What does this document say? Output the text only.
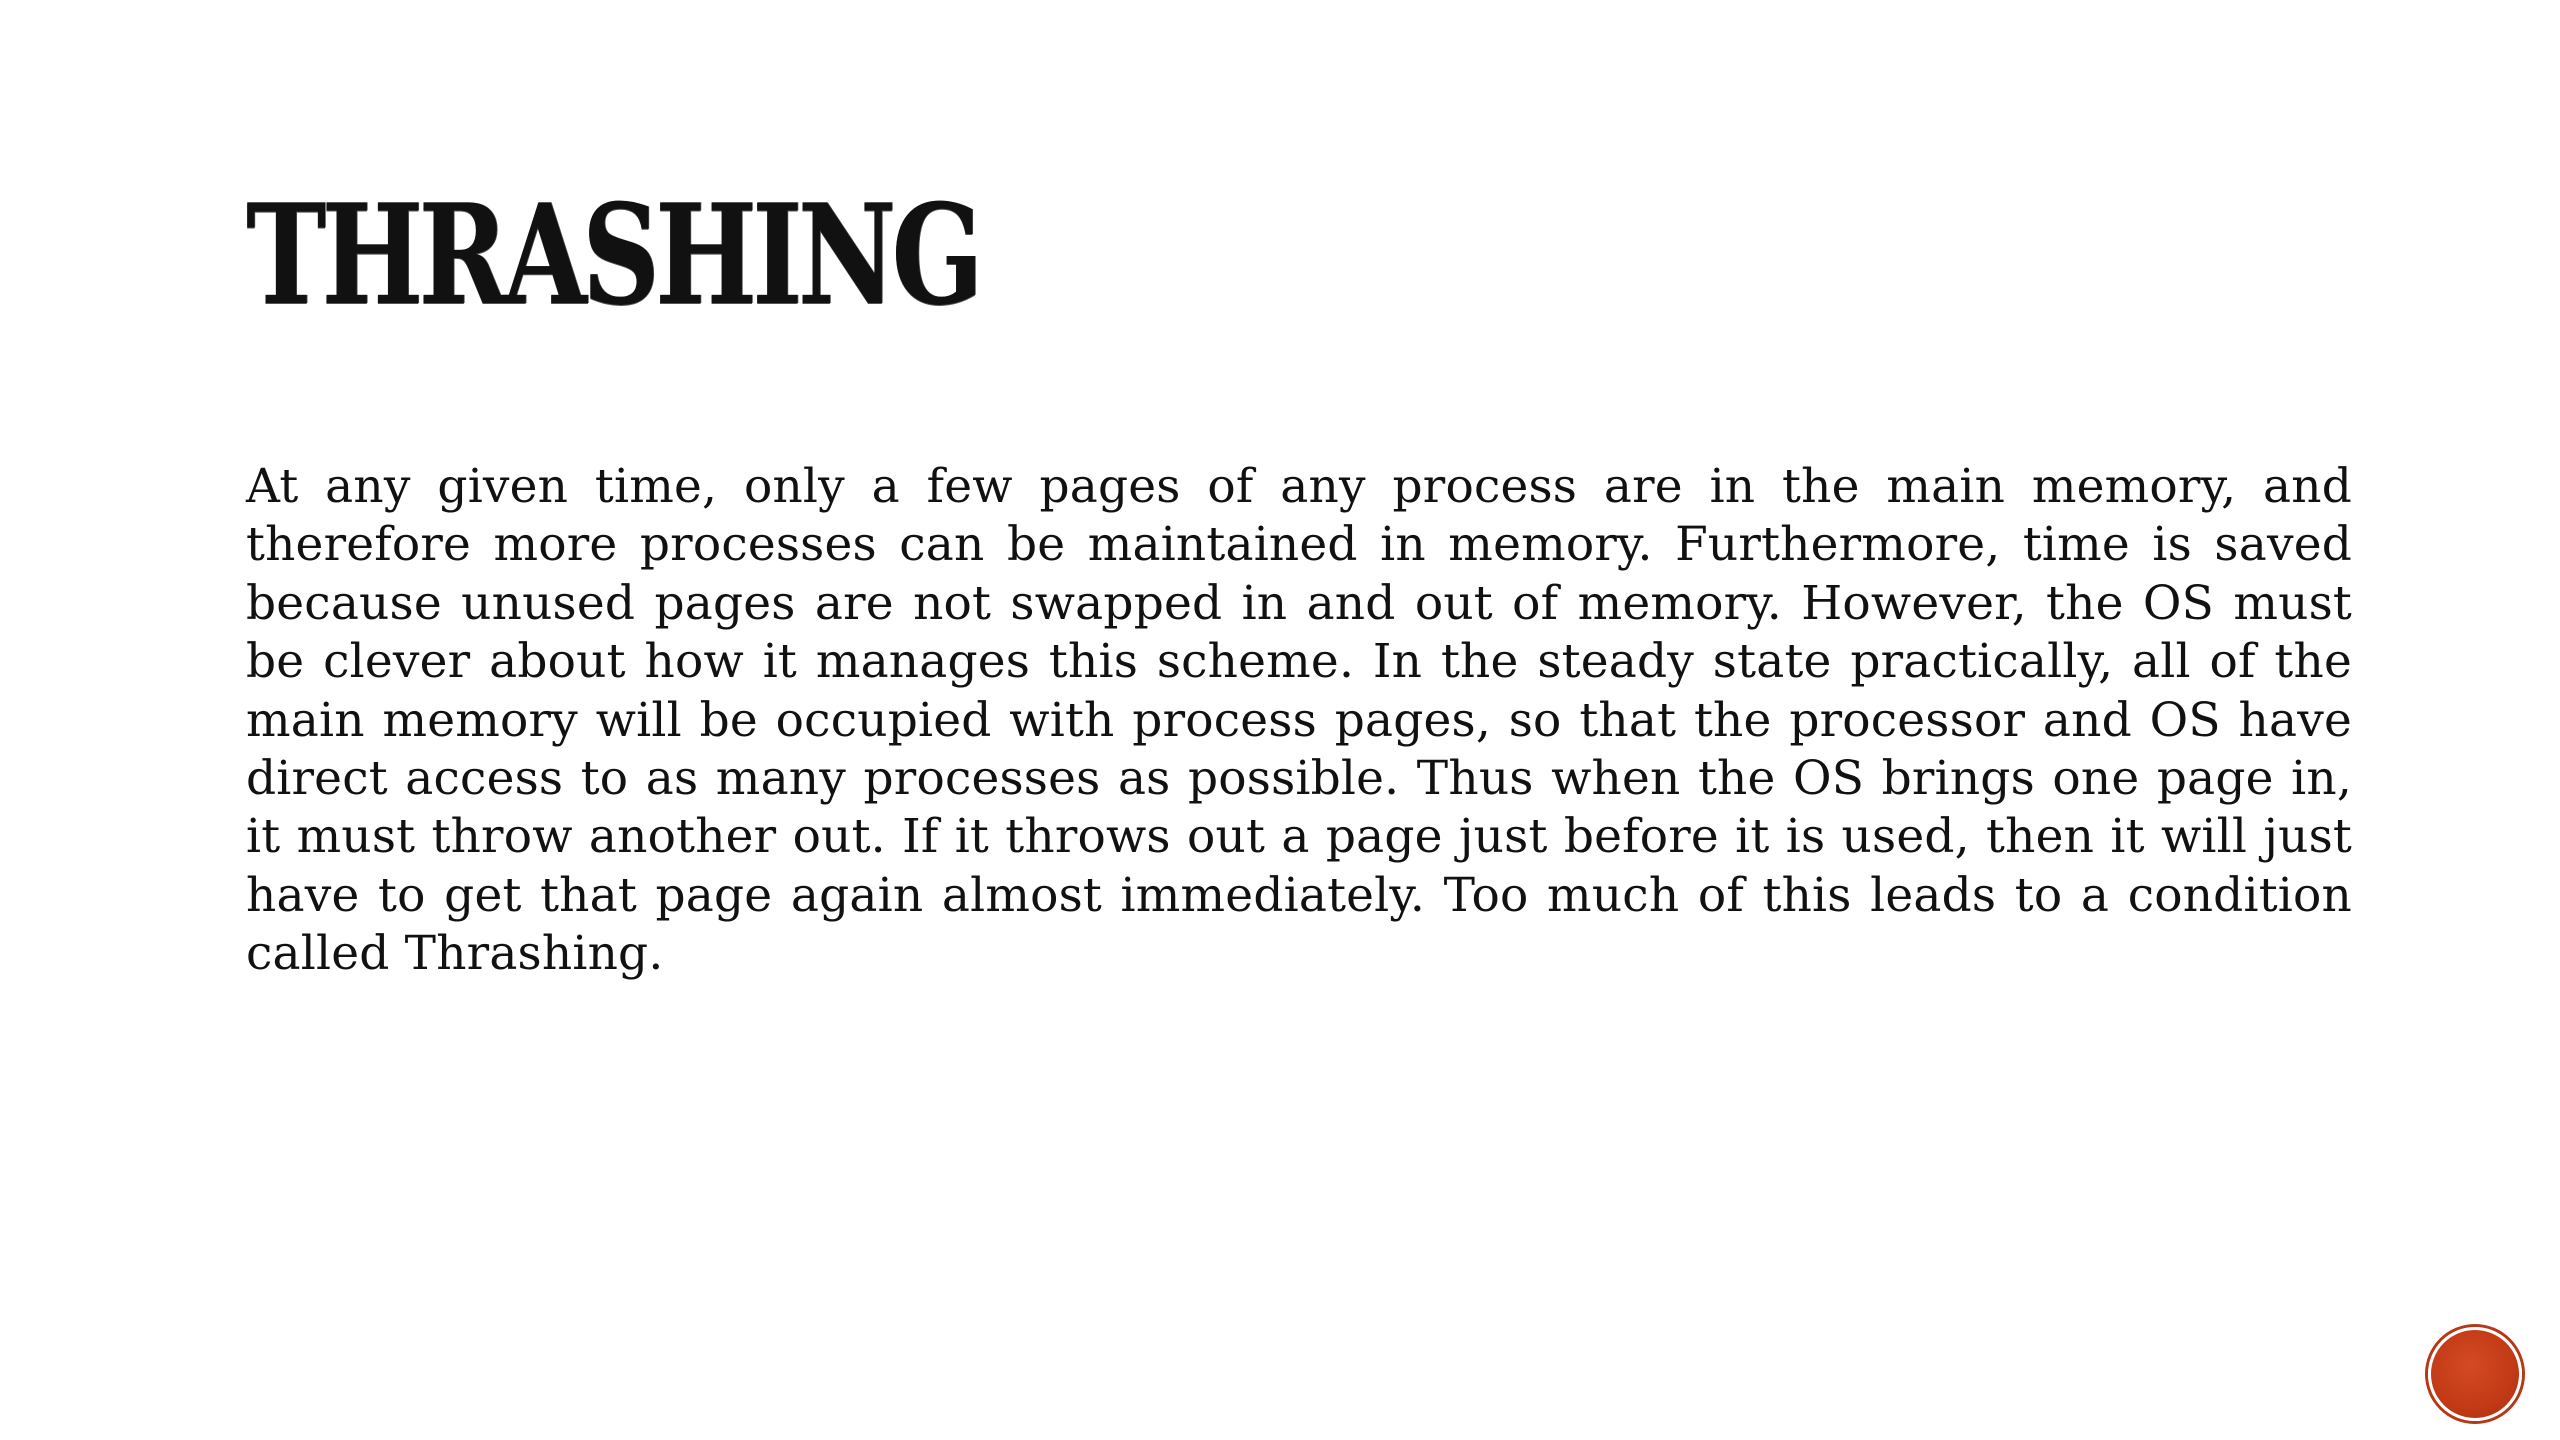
THRASHING

At any given time, only a few pages of any process are in the main memory, and therefore more processes can be maintained in memory. Furthermore, time is saved because unused pages are not swapped in and out of memory. However, the OS must be clever about how it manages this scheme. In the steady state practically, all of the main memory will be occupied with process pages, so that the processor and OS have direct access to as many processes as possible. Thus when the OS brings one page in, it must throw another out. If it throws out a page just before it is used, then it will just have to get that page again almost immediately. Too much of this leads to a condition called Thrashing.
